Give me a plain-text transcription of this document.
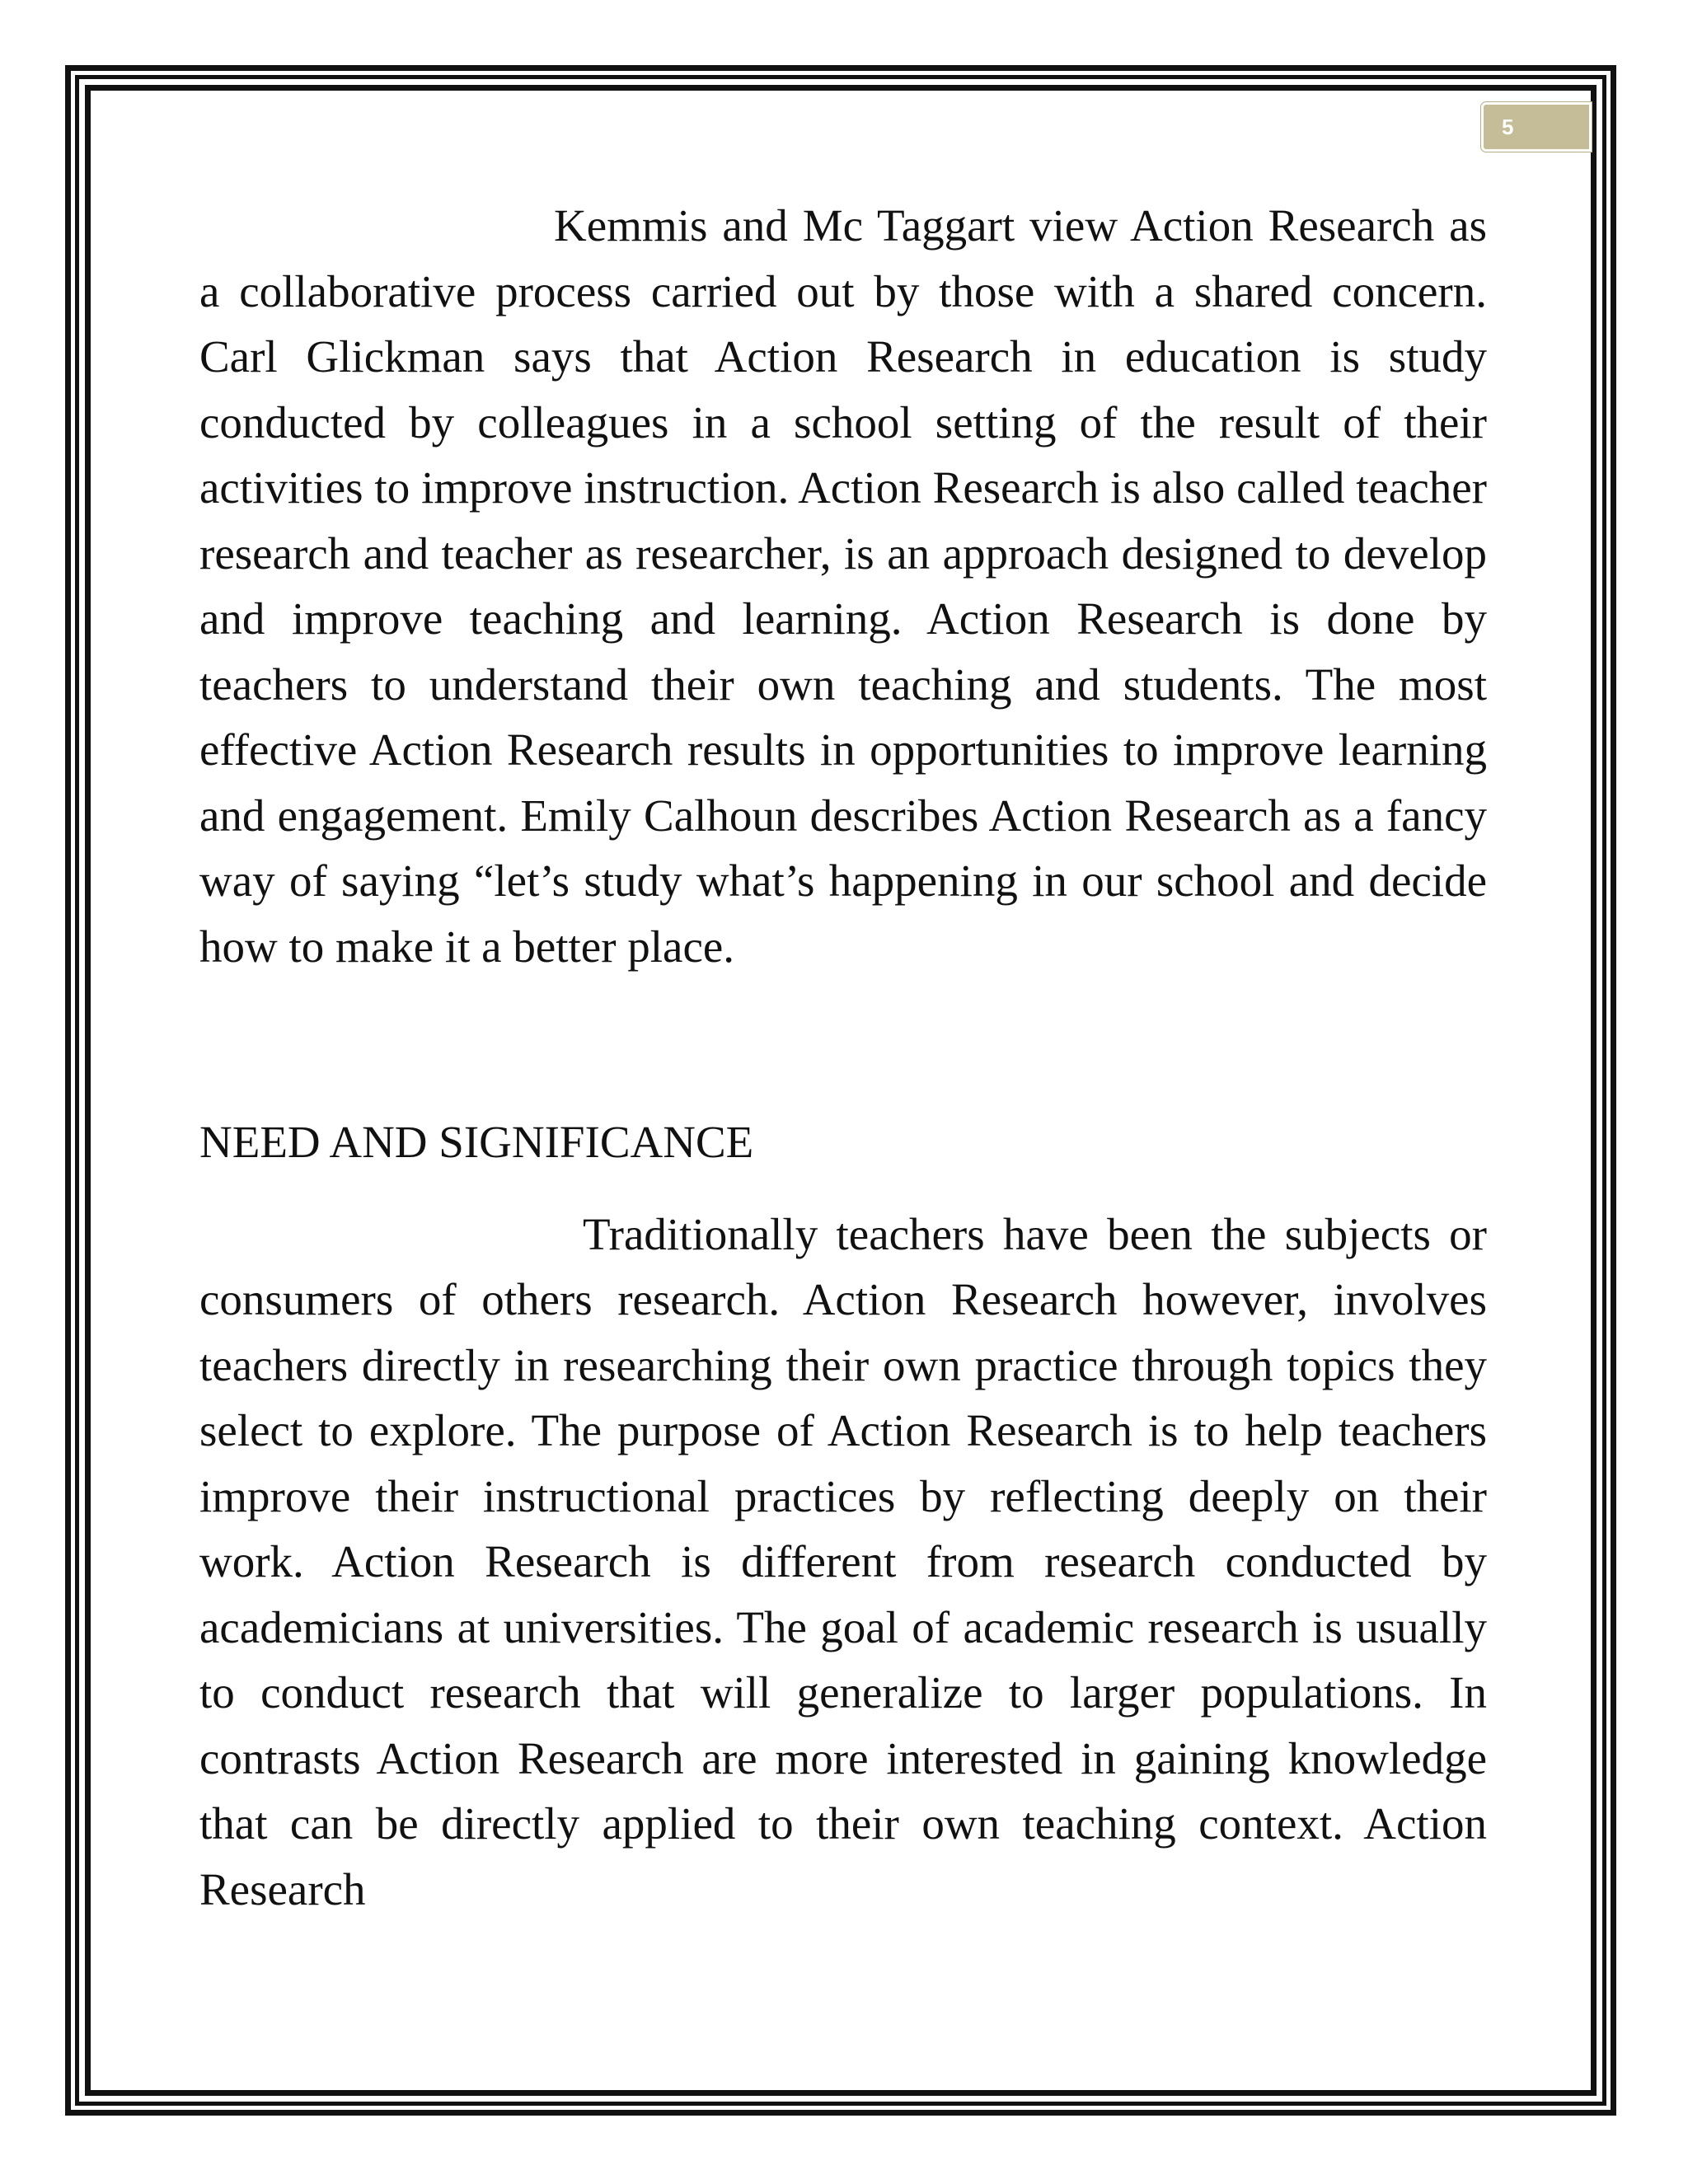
5

Kemmis and Mc Taggart view Action Research as a collaborative process carried out by those with a shared concern. Carl Glickman says that Action Research in education is study conducted by colleagues in a school setting of the result of their activities to improve instruction. Action Research is also called teacher research and teacher as researcher, is an approach designed to develop and improve teaching and learning. Action Research is done by teachers to understand their own teaching and students. The most effective Action Research results in opportunities to improve learning and engagement. Emily Calhoun describes Action Research as a fancy way of saying “let’s study what’s happening in our school and decide how to make it a better place.

NEED AND SIGNIFICANCE

Traditionally teachers have been the subjects or consumers of others research. Action Research however, involves teachers directly in researching their own practice through topics they select to explore. The purpose of Action Research is to help teachers improve their instructional practices by reflecting deeply on their work. Action Research is different from research conducted by academicians at universities. The goal of academic research is usually to conduct research that will generalize to larger populations. In contrasts Action Research are more interested in gaining knowledge that can be directly applied to their own teaching context. Action Research
